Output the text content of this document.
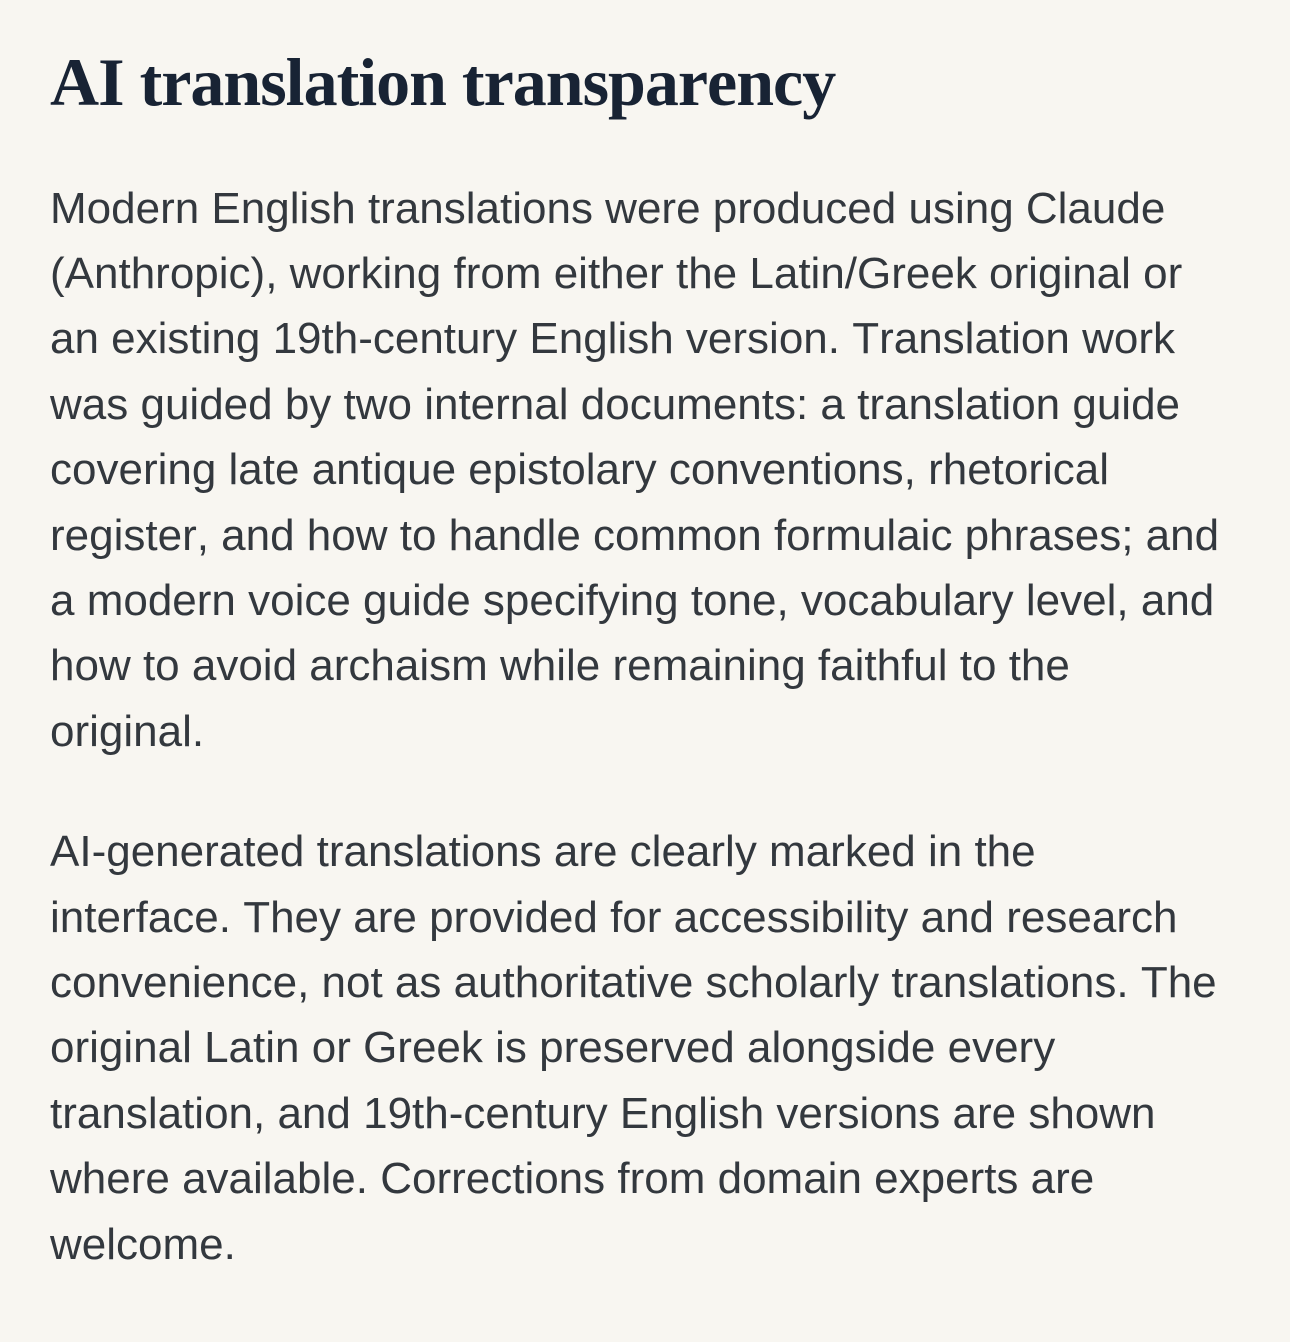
AI translation transparency

Modern English translations were produced using Claude (Anthropic), working from either the Latin/Greek original or an existing 19th-century English version. Translation work was guided by two internal documents: a translation guide covering late antique epistolary conventions, rhetorical register, and how to handle common formulaic phrases; and a modern voice guide specifying tone, vocabulary level, and how to avoid archaism while remaining faithful to the original.

AI-generated translations are clearly marked in the interface. They are provided for accessibility and research convenience, not as authoritative scholarly translations. The original Latin or Greek is preserved alongside every translation, and 19th-century English versions are shown where available. Corrections from domain experts are welcome.
